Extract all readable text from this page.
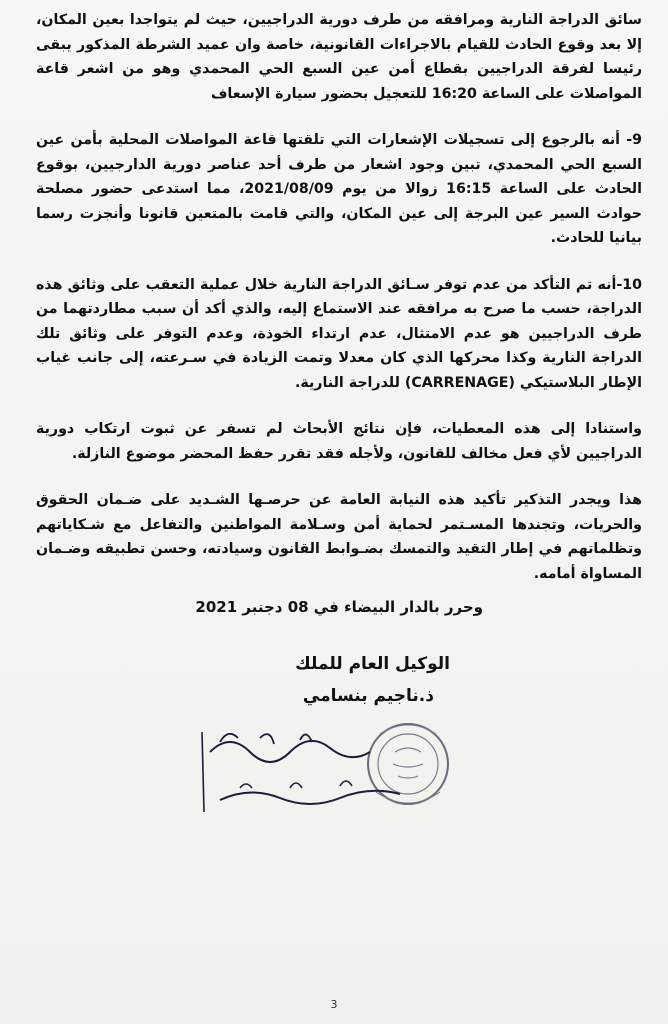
سائق الدراجة النارية ومرافقه من طرف دورية الدراجيين، حيث لم يتواجدا بعين المكان، إلا بعد وقوع الحادث للقيام بالاجراءات القانونية، خاصة وان عميد الشرطة المذكور يبقى رئيسا لفرقة الدراجيين بقطاع أمن عين السبع الحي المحمدي وهو من اشعر قاعة المواصلات على الساعة 16:20 للتعجيل بحضور سيارة الإسعاف

9- أنه بالرجوع إلى تسجيلات الإشعارات التي تلقتها قاعة المواصلات المحلية بأمن عين السبع الحي المحمدي، تبين وجود اشعار من طرف أحد عناصر دورية الدارجيين، بوقوع الحادث على الساعة 16:15 زوالا من يوم 2021/08/09، مما استدعى حضور مصلحة حوادث السير عين البرجة إلى عين المكان، والتي قامت بالمتعين قانونا وأنجزت رسما بيانيا للحادث.

10-أنه تم التأكد من عدم توفر سـائق الدراجة النارية خلال عملية التعقب على وثائق هذه الدراجة، حسب ما صرح به مرافقه عند الاستماع إليه، والذي أكد أن سبب مطاردتهما من طرف الدراجيين هو عدم الامتثال، عدم ارتداء الخوذة، وعدم التوفر على وثائق تلك الدراجة النارية وكذا محركها الذي كان معدلا وتمت الزيادة في سـرعته، إلى جانب غياب الإطار البلاستيكي (CARRENAGE) للدراجة النارية.

واستنادا إلى هذه المعطيات، فإن نتائج الأبحاث لم تسفر عن ثبوت ارتكاب دورية الدراجيين لأي فعل مخالف للقانون، ولأجله فقد تقرر حفظ المحضر موضوع النازلة.

هذا ويجدر التذكير تأكيد هذه النيابة العامة عن حرصـها الشـديد على ضـمان الحقوق والحريات، وتجندها المسـتمر لحماية أمن وسـلامة المواطنين والتفاعل مع شـكاياتهم وتظلماتهم في إطار التقيد والتمسك بضـوابط القانون وسيادته، وحسن تطبيقه وضـمان المساواة أمامه.

وحرر بالدار البيضاء في 08 دجنبر 2021
الوكيل العام للملك
ذ.ناجيم بنسامي
3
